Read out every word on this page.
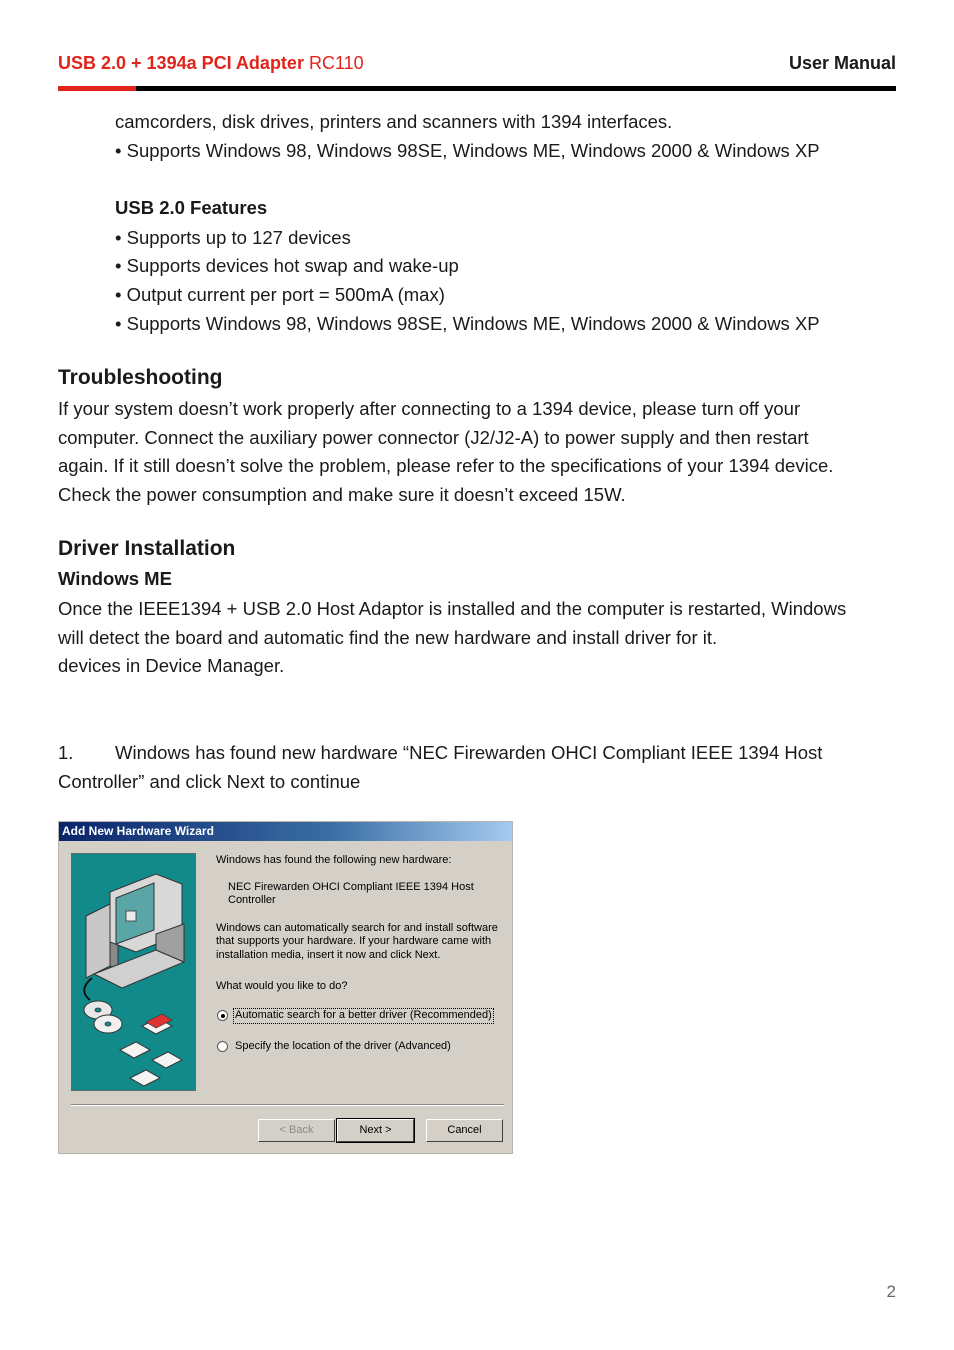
USB 2.0 + 1394a PCI Adapter RC110	User Manual
camcorders, disk drives, printers and scanners with 1394 interfaces.
• Supports Windows 98, Windows 98SE, Windows ME, Windows 2000 & Windows XP
USB 2.0 Features
• Supports up to 127 devices
• Supports devices hot swap and wake-up
• Output current per port = 500mA (max)
• Supports Windows 98, Windows 98SE, Windows ME, Windows 2000 & Windows XP
Troubleshooting
If your system doesn’t work properly after connecting to a 1394 device, please turn off your
computer. Connect the auxiliary power connector (J2/J2-A) to power supply and then restart
again. If it still doesn’t solve the problem, please refer to the specifications of your 1394 device.
Check the power consumption and make sure it doesn’t exceed 15W.
Driver Installation
Windows ME
Once the IEEE1394 + USB 2.0 Host Adaptor is installed and the computer is restarted, Windows
will detect the board and automatic find the new hardware and install driver for it.
devices in Device Manager.
1. Windows has found new hardware “NEC Firewarden OHCI Compliant IEEE 1394 Host
Controller” and click Next to continue
Add New Hardware Wizard
Windows has found the following new hardware:
NEC Firewarden OHCI Compliant IEEE 1394 Host
Controller
Windows can automatically search for and install software
that supports your hardware. If your hardware came with
installation media, insert it now and click Next.
What would you like to do?
Automatic search for a better driver (Recommended)
Specify the location of the driver (Advanced)
< Back	Next >	Cancel
2
